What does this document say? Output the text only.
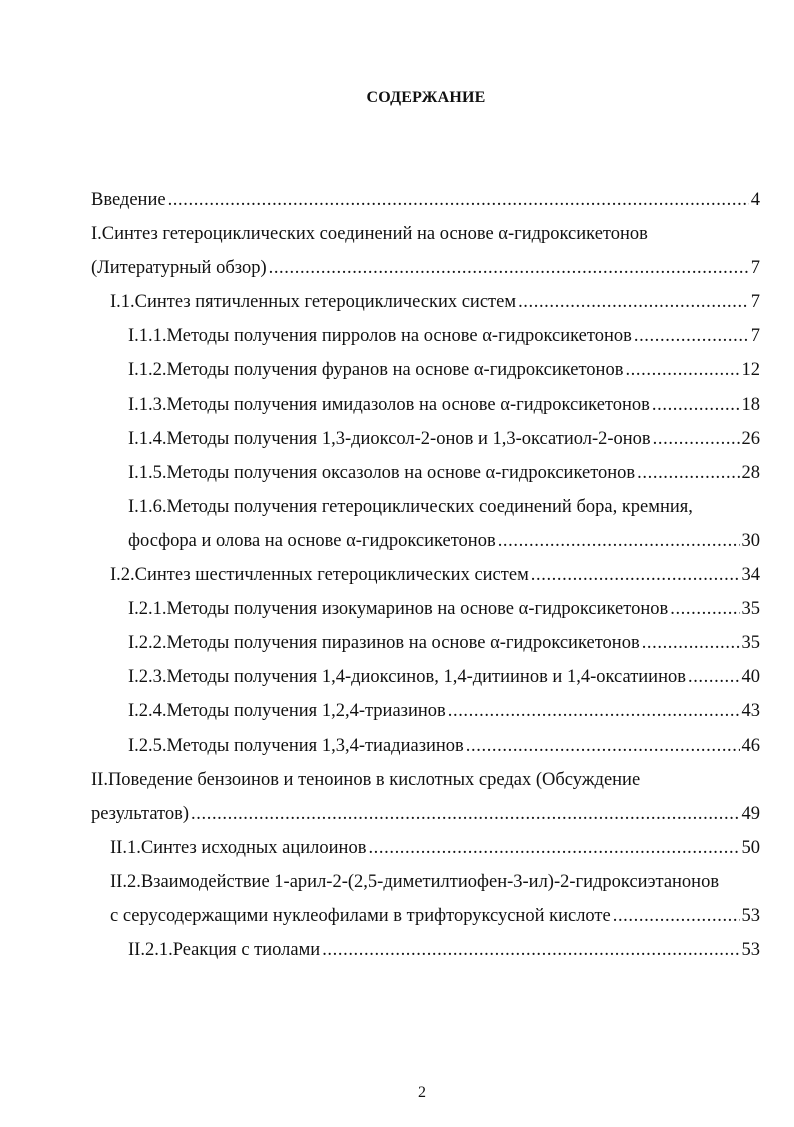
СОДЕРЖАНИЕ
Введение .....	4
I.Синтез гетероциклических соединений на основе α-гидроксикетонов
(Литературный обзор) .....	7
I.1.Синтез пятичленных гетероциклических систем .....	7
I.1.1.Методы получения пирролов на основе α-гидроксикетонов .....	7
I.1.2.Методы получения фуранов на основе α-гидроксикетонов .....	12
I.1.3.Методы получения имидазолов на основе α-гидроксикетонов .....	18
I.1.4.Методы получения 1,3-диоксол-2-онов и 1,3-оксатиол-2-онов .....	26
I.1.5.Методы получения оксазолов на основе α-гидроксикетонов .....	28
I.1.6.Методы получения гетероциклических соединений бора, кремния,
фосфора и олова на основе α-гидроксикетонов .....	30
I.2.Синтез шестичленных гетероциклических систем .....	34
I.2.1.Методы получения изокумаринов на основе α-гидроксикетонов .....	35
I.2.2.Методы получения пиразинов на основе α-гидроксикетонов .....	35
I.2.3.Методы получения 1,4-диоксинов, 1,4-дитиинов и 1,4-оксатиинов .....	40
I.2.4.Методы получения 1,2,4-триазинов .....	43
I.2.5.Методы получения 1,3,4-тиадиазинов .....	46
II.Поведение бензоинов и теноинов в кислотных средах (Обсуждение
результатов) .....	49
II.1.Синтез исходных ацилоинов .....	50
II.2.Взаимодействие 1-арил-2-(2,5-диметилтиофен-3-ил)-2-гидроксиэтанонов
с серусодержащими нуклеофилами в трифторуксусной кислоте .....	53
II.2.1.Реакция с тиолами .....	53
2
